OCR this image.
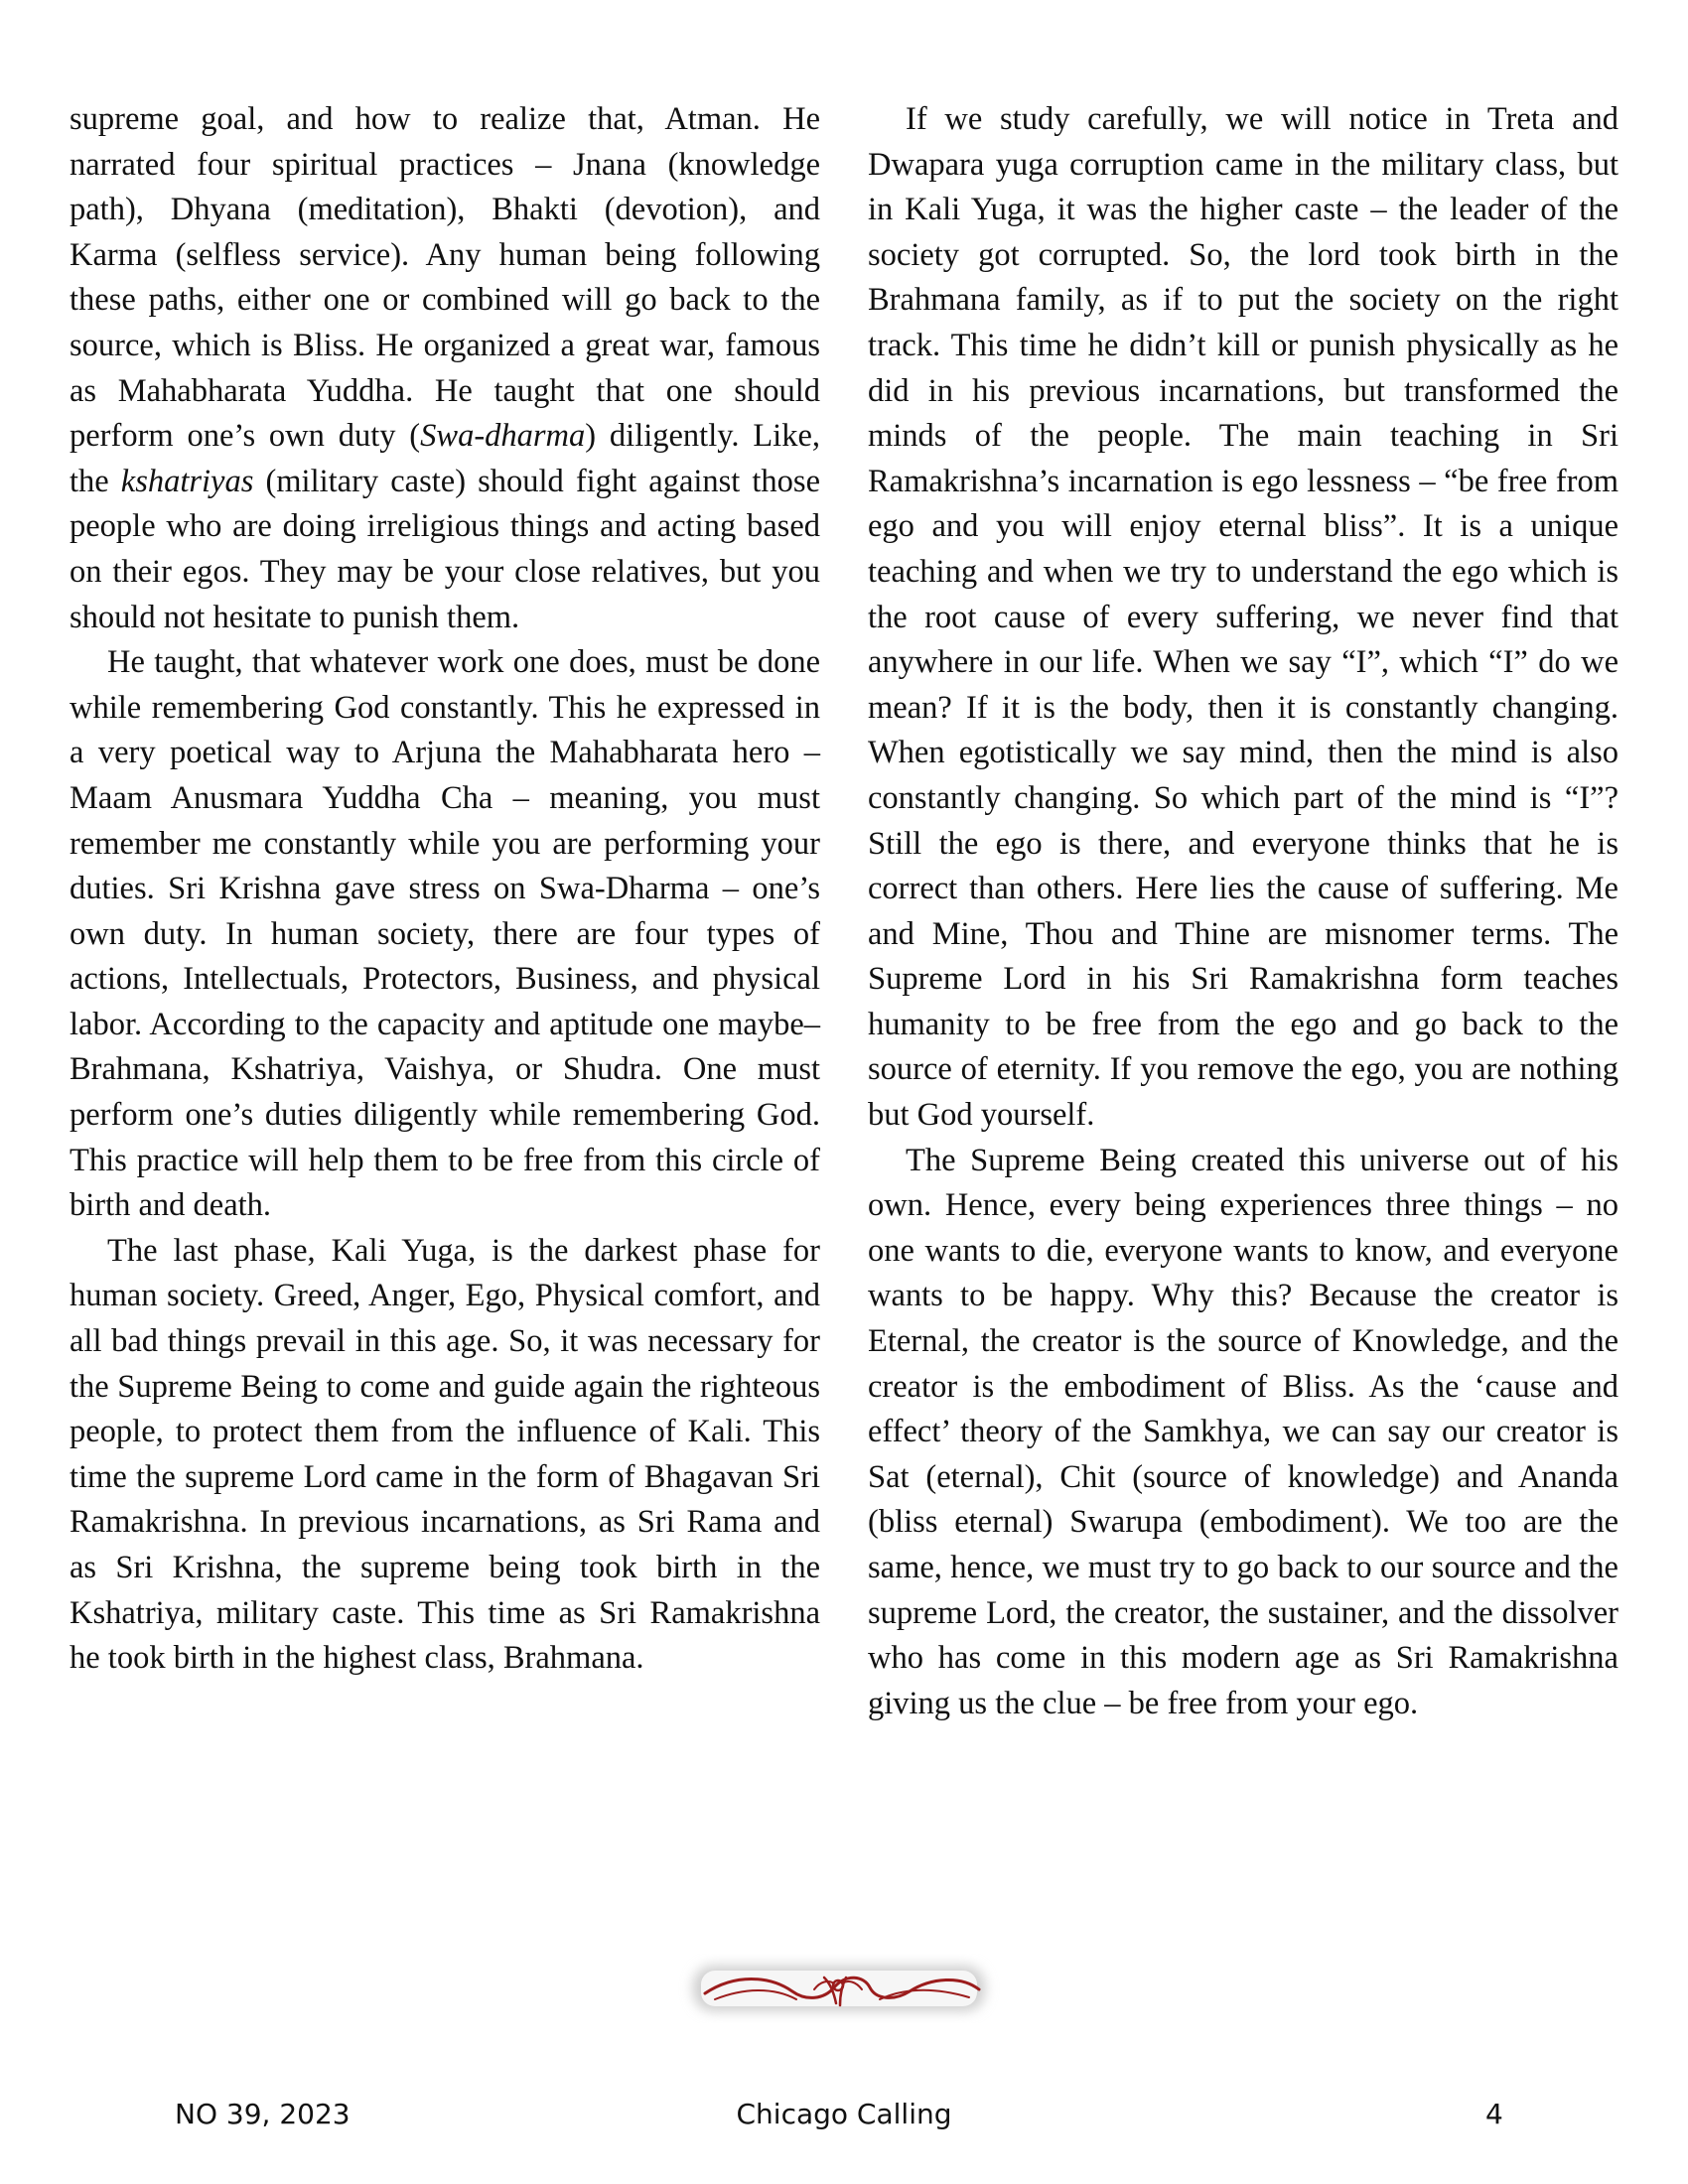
supreme goal, and how to realize that, Atman. He narrated four spiritual practices – Jnana (knowledge path), Dhyana (meditation), Bhakti (devotion), and Karma (selfless service). Any human being following these paths, either one or combined will go back to the source, which is Bliss. He organized a great war, famous as Mahabharata Yuddha. He taught that one should perform one’s own duty (Swa-dharma) diligently. Like, the kshatriyas (military caste) should fight against those people who are doing irreligious things and acting based on their egos. They may be your close relatives, but you should not hesitate to punish them.

He taught, that whatever work one does, must be done while remembering God constantly. This he expressed in a very poetical way to Arjuna the Mahabharata hero – Maam Anusmara Yuddha Cha – meaning, you must remember me constantly while you are performing your duties. Sri Krishna gave stress on Swa-Dharma – one’s own duty. In human society, there are four types of actions, Intellectuals, Protectors, Business, and physical labor. According to the capacity and aptitude one maybe– Brahmana, Kshatriya, Vaishya, or Shudra. One must perform one’s duties diligently while remembering God. This practice will help them to be free from this circle of birth and death.

The last phase, Kali Yuga, is the darkest phase for human society. Greed, Anger, Ego, Physical comfort, and all bad things prevail in this age. So, it was necessary for the Supreme Being to come and guide again the righteous people, to protect them from the influence of Kali. This time the supreme Lord came in the form of Bhagavan Sri Ramakrishna. In previous incarnations, as Sri Rama and as Sri Krishna, the supreme being took birth in the Kshatriya, military caste. This time as Sri Ramakrishna he took birth in the highest class, Brahmana.

If we study carefully, we will notice in Treta and Dwapara yuga corruption came in the military class, but in Kali Yuga, it was the higher caste – the leader of the society got corrupted. So, the lord took birth in the Brahmana family, as if to put the society on the right track. This time he didn’t kill or punish physically as he did in his previous incarnations, but transformed the minds of the people. The main teaching in Sri Ramakrishna’s incarnation is ego lessness – “be free from ego and you will enjoy eternal bliss”. It is a unique teaching and when we try to understand the ego which is the root cause of every suffering, we never find that anywhere in our life. When we say “I”, which “I” do we mean? If it is the body, then it is constantly changing. When egotistically we say mind, then the mind is also constantly changing. So which part of the mind is “I”? Still the ego is there, and everyone thinks that he is correct than others. Here lies the cause of suffering. Me and Mine, Thou and Thine are misnomer terms. The Supreme Lord in his Sri Ramakrishna form teaches humanity to be free from the ego and go back to the source of eternity. If you remove the ego, you are nothing but God yourself.

The Supreme Being created this universe out of his own. Hence, every being experiences three things – no one wants to die, everyone wants to know, and everyone wants to be happy. Why this? Because the creator is Eternal, the creator is the source of Knowledge, and the creator is the embodiment of Bliss. As the ‘cause and effect’ theory of the Samkhya, we can say our creator is Sat (eternal), Chit (source of knowledge) and Ananda (bliss eternal) Swarupa (embodiment). We too are the same, hence, we must try to go back to our source and the supreme Lord, the creator, the sustainer, and the dissolver who has come in this modern age as Sri Ramakrishna giving us the clue – be free from your ego.

NO 39, 2023	Chicago Calling	4
